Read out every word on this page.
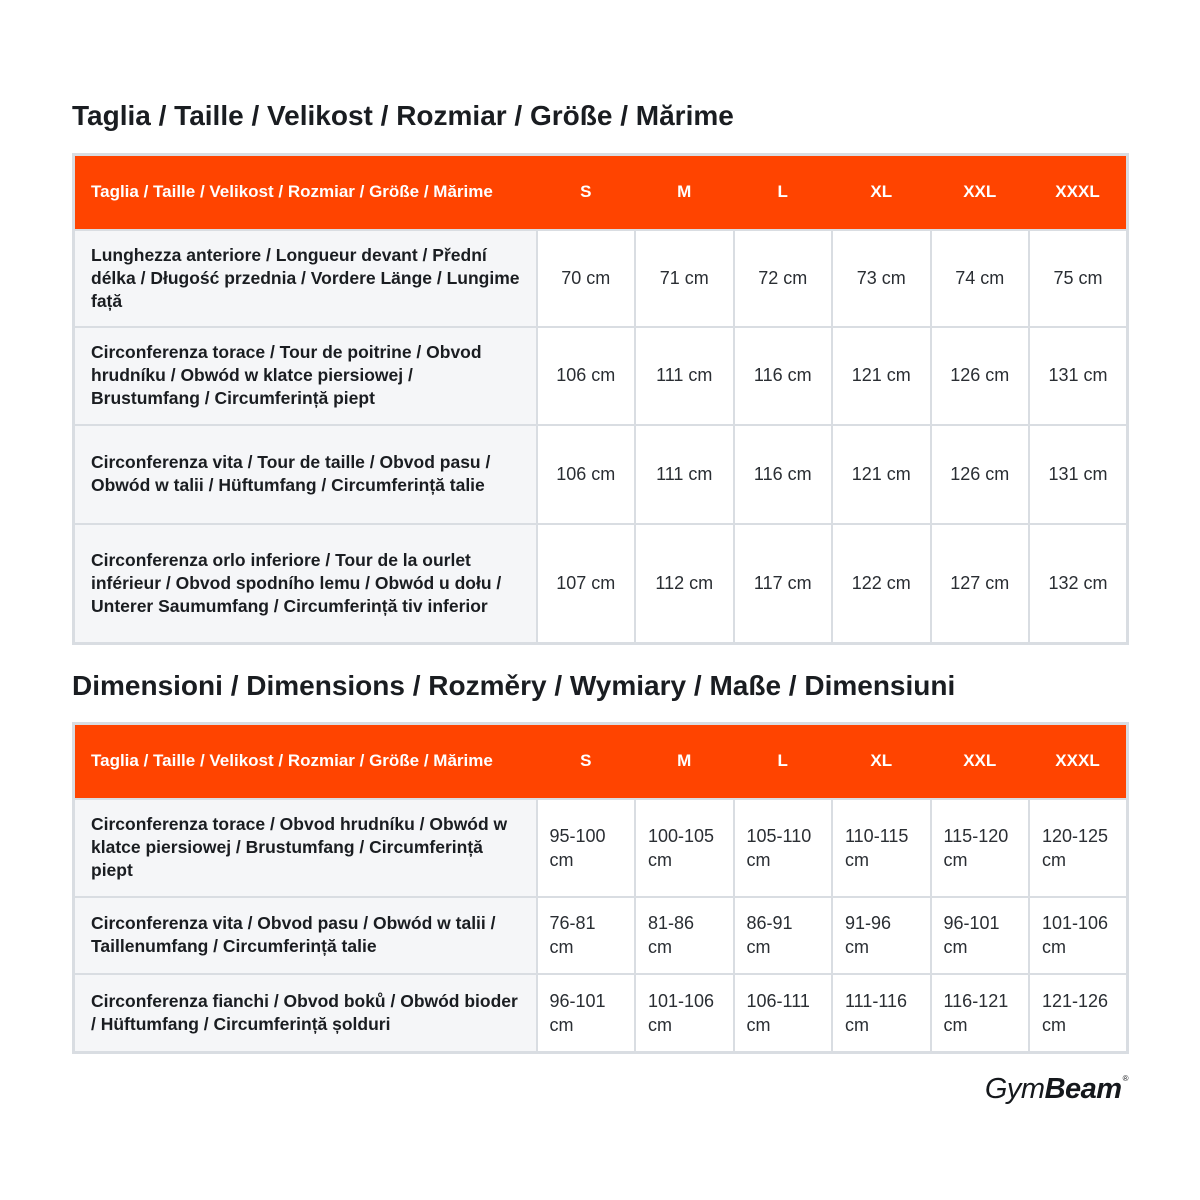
Taglia / Taille / Velikost / Rozmiar / Größe / Mărime
Taglia / Taille / Velikost / Rozmiar / Größe / Mărime	S	M	L	XL	XXL	XXXL
Lunghezza anteriore / Longueur devant / Přední délka / Długość przednia / Vordere Länge / Lungime față	70 cm	71 cm	72 cm	73 cm	74 cm	75 cm
Circonferenza torace / Tour de poitrine / Obvod hrudníku / Obwód w klatce piersiowej / Brustumfang / Circumferință piept	106 cm	111 cm	116 cm	121 cm	126 cm	131 cm
Circonferenza vita / Tour de taille / Obvod pasu / Obwód w talii / Hüftumfang / Circumferință talie	106 cm	111 cm	116 cm	121 cm	126 cm	131 cm
Circonferenza orlo inferiore / Tour de la ourlet inférieur / Obvod spodního lemu / Obwód u dołu / Unterer Saumumfang / Circumferință tiv inferior	107 cm	112 cm	117 cm	122 cm	127 cm	132 cm
Dimensioni / Dimensions / Rozměry / Wymiary / Maße / Dimensiuni
Taglia / Taille / Velikost / Rozmiar / Größe / Mărime	S	M	L	XL	XXL	XXXL
Circonferenza torace / Obvod hrudníku / Obwód w klatce piersiowej / Brustumfang / Circumferință piept	95-100 cm	100-105 cm	105-110 cm	110-115 cm	115-120 cm	120-125 cm
Circonferenza vita / Obvod pasu / Obwód w talii / Taillenumfang / Circumferință talie	76-81 cm	81-86 cm	86-91 cm	91-96 cm	96-101 cm	101-106 cm
Circonferenza fianchi / Obvod boků / Obwód bioder / Hüftumfang / Circumferință șolduri	96-101 cm	101-106 cm	106-111 cm	111-116 cm	116-121 cm	121-126 cm
Gym Beam ®
